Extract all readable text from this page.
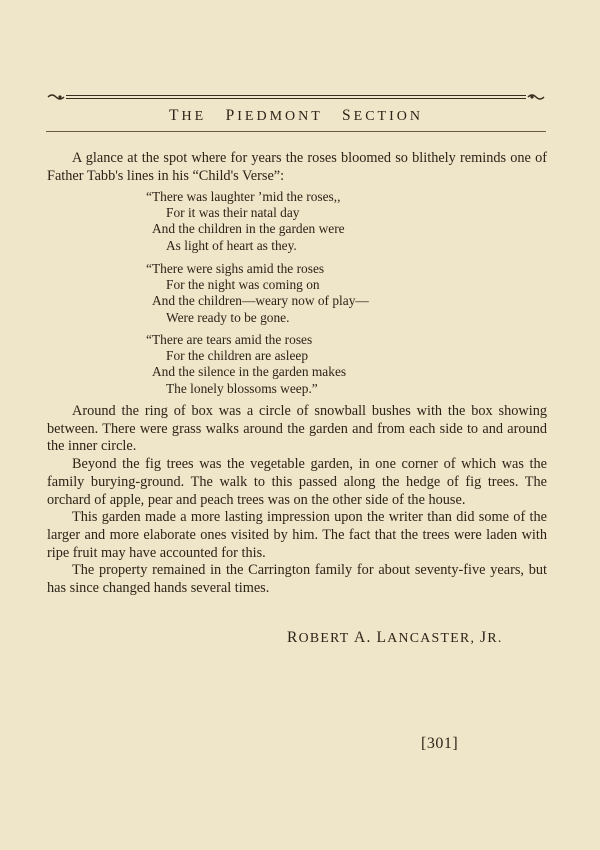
THE PIEDMONT SECTION

A glance at the spot where for years the roses bloomed so blithely reminds one of Father Tabb's lines in his “Child's Verse”:

“There was laughter ’mid the roses,,
For it was their natal day
And the children in the garden were
As light of heart as they.
“There were sighs amid the roses
For the night was coming on
And the children—weary now of play—
Were ready to be gone.
“There are tears amid the roses
For the children are asleep
And the silence in the garden makes
The lonely blossoms weep.”

Around the ring of box was a circle of snowball bushes with the box showing between. There were grass walks around the garden and from each side to and around the inner circle.

Beyond the fig trees was the vegetable garden, in one corner of which was the family burying-ground. The walk to this passed along the hedge of fig trees. The orchard of apple, pear and peach trees was on the other side of the house.

This garden made a more lasting impression upon the writer than did some of the larger and more elaborate ones visited by him. The fact that the trees were laden with ripe fruit may have accounted for this.

The property remained in the Carrington family for about seventy-five years, but has since changed hands several times.

ROBERT A. LANCASTER, JR.
[301]
